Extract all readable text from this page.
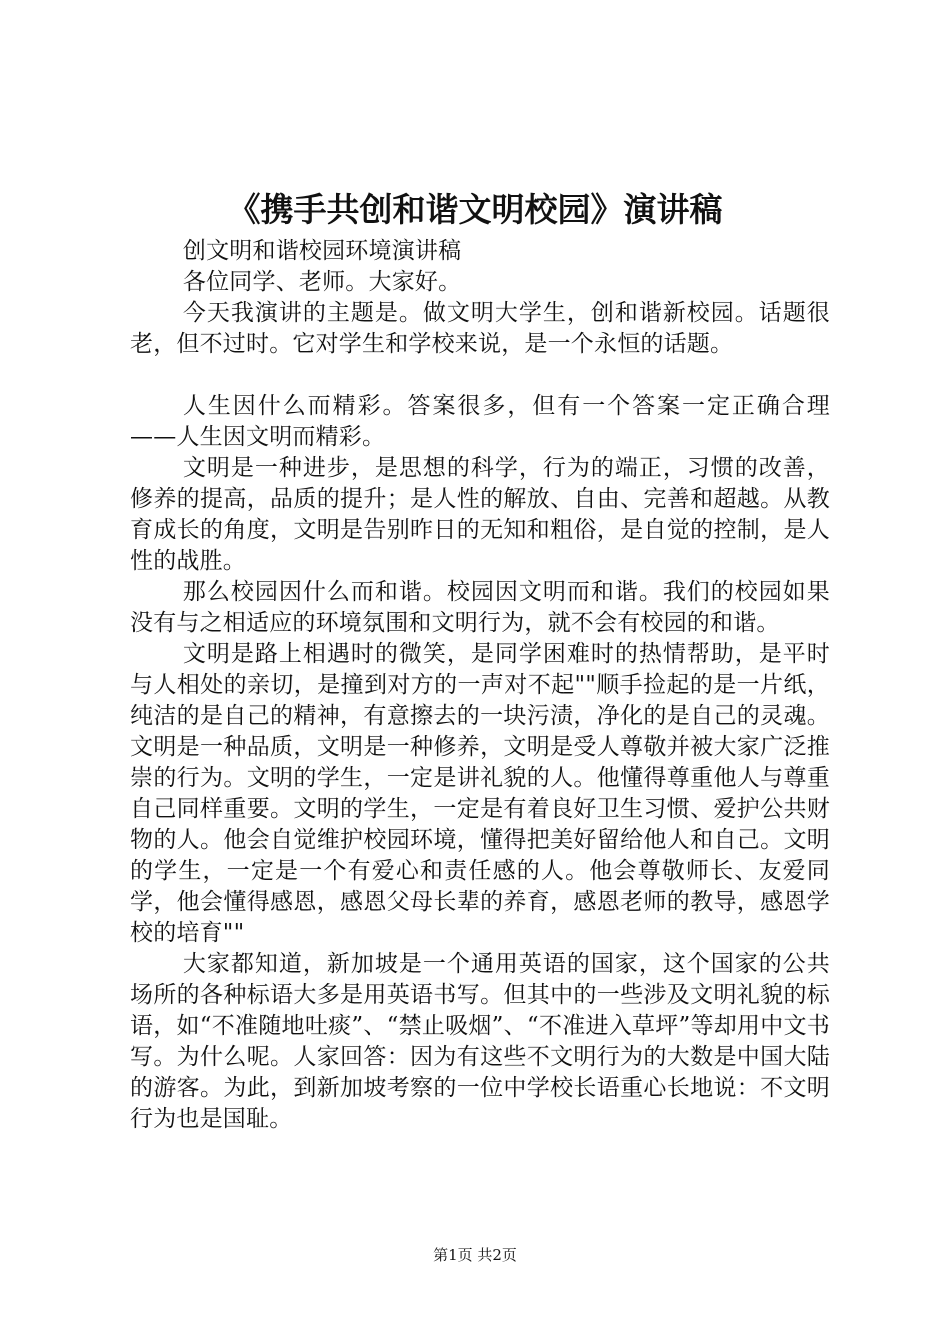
《携手共创和谐文明校园》演讲稿

创文明和谐校园环境演讲稿

各位同学、老师。大家好。

今天我演讲的主题是。做文明大学生，创和谐新校园。话题很老，但不过时。它对学生和学校来说，是一个永恒的话题。

人生因什么而精彩。答案很多，但有一个答案一定正确合理——人生因文明而精彩。

文明是一种进步，是思想的科学，行为的端正，习惯的改善，修养的提高，品质的提升；是人性的解放、自由、完善和超越。从教育成长的角度，文明是告别昨日的无知和粗俗，是自觉的控制，是人性的战胜。

那么校园因什么而和谐。校园因文明而和谐。我们的校园如果没有与之相适应的环境氛围和文明行为，就不会有校园的和谐。

文明是路上相遇时的微笑，是同学困难时的热情帮助，是平时与人相处的亲切，是撞到对方的一声对不起""顺手捡起的是一片纸，纯洁的是自己的精神，有意擦去的一块污渍，净化的是自己的灵魂。文明是一种品质，文明是一种修养，文明是受人尊敬并被大家广泛推崇的行为。文明的学生，一定是讲礼貌的人。他懂得尊重他人与尊重自己同样重要。文明的学生，一定是有着良好卫生习惯、爱护公共财物的人。他会自觉维护校园环境，懂得把美好留给他人和自己。文明的学生，一定是一个有爱心和责任感的人。他会尊敬师长、友爱同学，他会懂得感恩，感恩父母长辈的养育，感恩老师的教导，感恩学校的培育""

大家都知道，新加坡是一个通用英语的国家，这个国家的公共场所的各种标语大多是用英语书写。但其中的一些涉及文明礼貌的标语，如“不准随地吐痰”、“禁止吸烟”、“不准进入草坪”等却用中文书写。为什么呢。人家回答：因为有这些不文明行为的大数是中国大陆的游客。为此，到新加坡考察的一位中学校长语重心长地说：不文明行为也是国耻。

第1页 共2页
